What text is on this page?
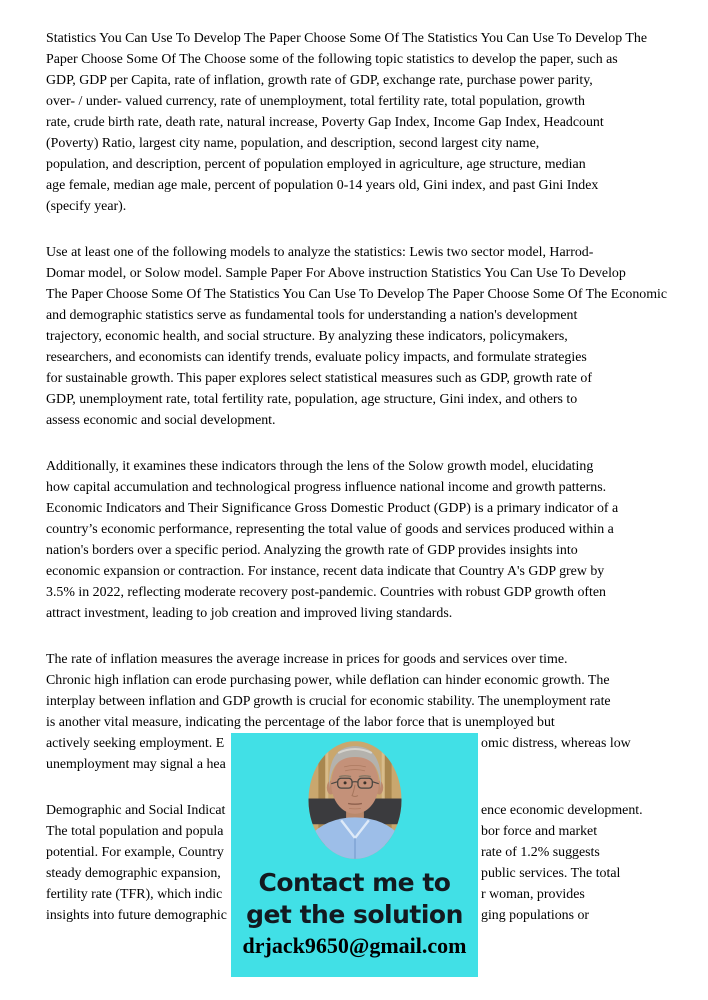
Statistics You Can Use To Develop The Paper Choose Some Of The Statistics You Can Use To Develop The
Paper Choose Some Of The Choose some of the following topic statistics to develop the paper, such as
GDP, GDP per Capita, rate of inflation, growth rate of GDP, exchange rate, purchase power parity,
over- / under- valued currency, rate of unemployment, total fertility rate, total population, growth
rate, crude birth rate, death rate, natural increase, Poverty Gap Index, Income Gap Index, Headcount
(Poverty) Ratio, largest city name, population, and description, second largest city name,
population, and description, percent of population employed in agriculture, age structure, median
age female, median age male, percent of population 0-14 years old, Gini index, and past Gini Index
(specify year).
Use at least one of the following models to analyze the statistics: Lewis two sector model, Harrod-
Domar model, or Solow model. Sample Paper For Above instruction Statistics You Can Use To Develop
The Paper Choose Some Of The Statistics You Can Use To Develop The Paper Choose Some Of The Economic
and demographic statistics serve as fundamental tools for understanding a nation's development
trajectory, economic health, and social structure. By analyzing these indicators, policymakers,
researchers, and economists can identify trends, evaluate policy impacts, and formulate strategies
for sustainable growth. This paper explores select statistical measures such as GDP, growth rate of
GDP, unemployment rate, total fertility rate, population, age structure, Gini index, and others to
assess economic and social development.
Additionally, it examines these indicators through the lens of the Solow growth model, elucidating
how capital accumulation and technological progress influence national income and growth patterns.
Economic Indicators and Their Significance Gross Domestic Product (GDP) is a primary indicator of a
country’s economic performance, representing the total value of goods and services produced within a
nation's borders over a specific period. Analyzing the growth rate of GDP provides insights into
economic expansion or contraction. For instance, recent data indicate that Country A's GDP grew by
3.5% in 2022, reflecting moderate recovery post-pandemic. Countries with robust GDP growth often
attract investment, leading to job creation and improved living standards.
The rate of inflation measures the average increase in prices for goods and services over time.
Chronic high inflation can erode purchasing power, while deflation can hinder economic growth. The
interplay between inflation and GDP growth is crucial for economic stability. The unemployment rate
is another vital measure, indicating the percentage of the labor force that is unemployed but
actively seeking employment. E	omic distress, whereas low
unemployment may signal a hea
Demographic and Social Indicat	ence economic development.
The total population and popula	bor force and market
potential. For example, Country	rate of 1.2% suggests
steady demographic expansion,	public services. The total
fertility rate (TFR), which indic	r woman, provides
insights into future demographic	ging populations or
Contact me to
get the solution
drjack9650@gmail.com
